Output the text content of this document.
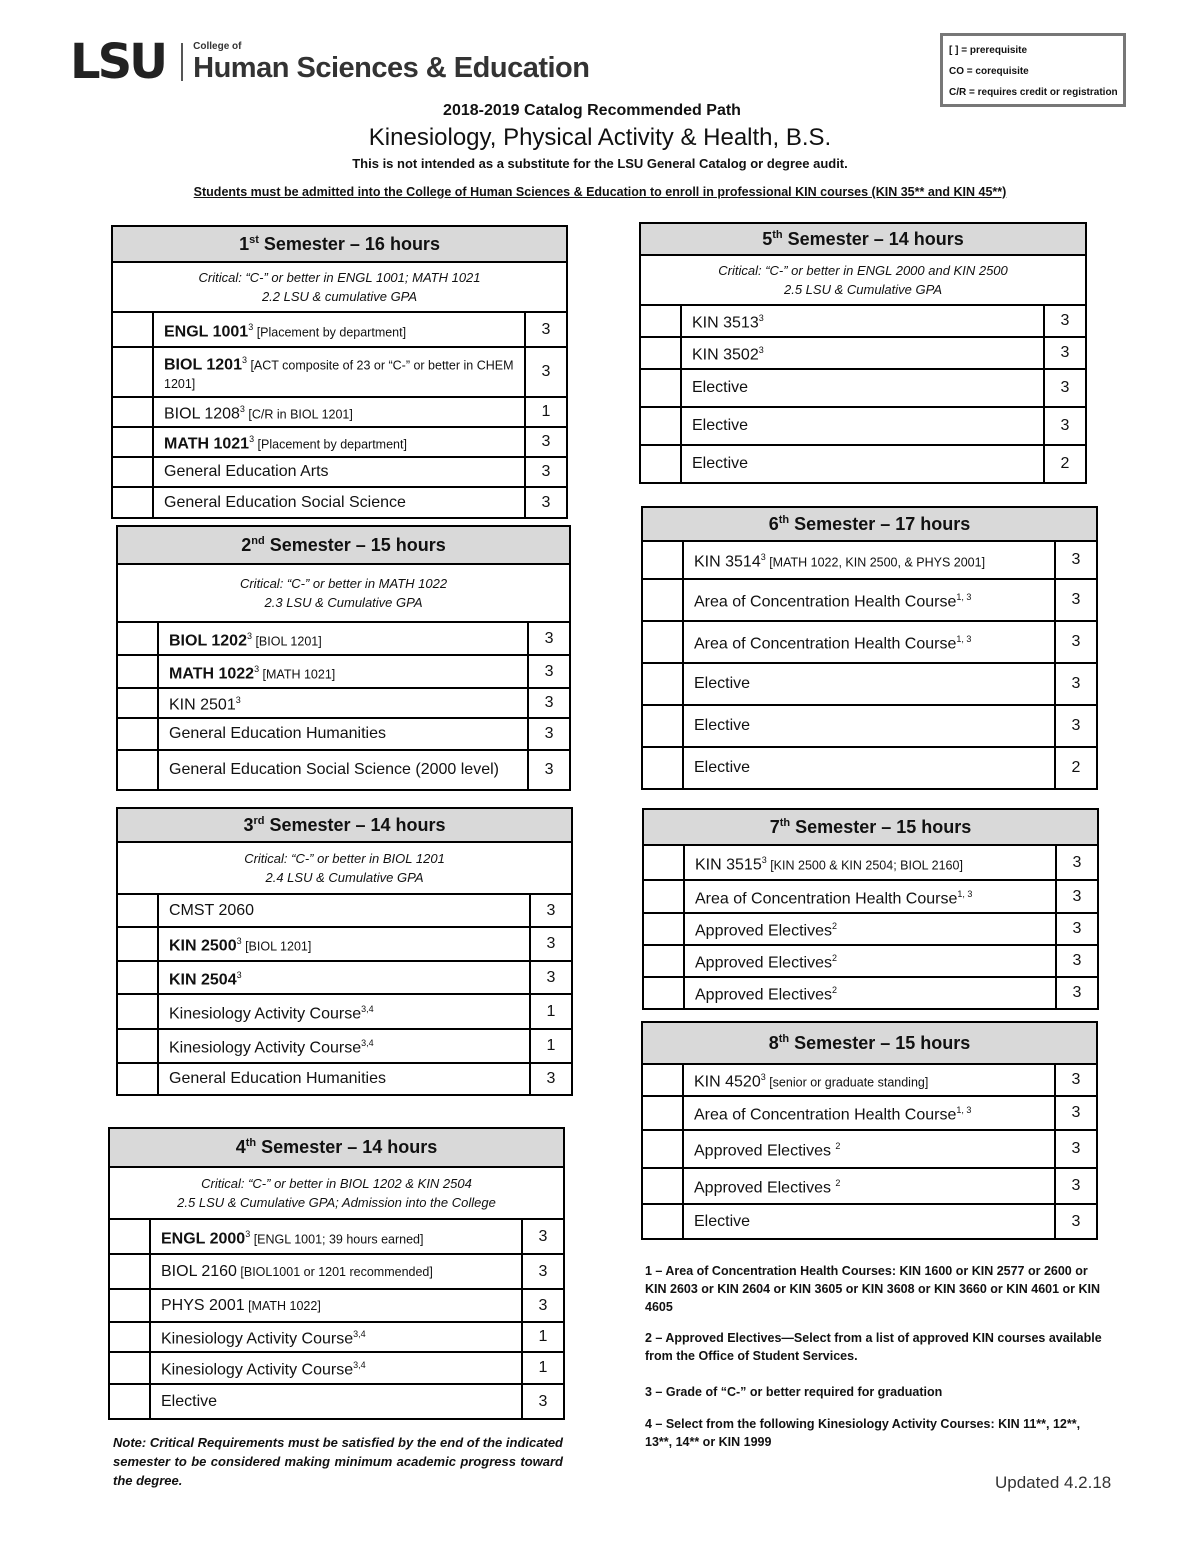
LSU	College of
Human Sciences & Education
[ ] = prerequisite
CO = corequisite
C/R = requires credit or registration
2018-2019 Catalog Recommended Path
Kinesiology, Physical Activity & Health, B.S.
This is not intended as a substitute for the LSU General Catalog or degree audit.
Students must be admitted into the College of Human Sciences & Education to enroll in professional KIN courses (KIN 35** and KIN 45**)
1st Semester – 16 hours		

Critical: “C-” or better in ENGL 1001; MATH 1021
2.2 LSU & cumulative GPA		

	ENGL 1001$^3$ [Placement by department]	3
	BIOL 1201$^3$ [ACT composite of 23 or “C-” or better in CHEM 1201]	3
	BIOL 1208$^3$ [C/R in BIOL 1201]	1
	MATH 1021$^3$ [Placement by department]	3
	General Education Arts	3
	General Education Social Science	3
2nd Semester – 15 hours		

Critical: “C-” or better in MATH 1022
2.3 LSU & Cumulative GPA		

	BIOL 1202$^3$ [BIOL 1201]	3
	MATH 1022$^3$ [MATH 1021]	3
	KIN 2501$^3$	3
	General Education Humanities	3
	General Education Social Science (2000 level)	3
3rd Semester – 14 hours		

Critical: “C-” or better in BIOL 1201
2.4 LSU & Cumulative GPA		

	CMST 2060	3
	KIN 2500$^3$ [BIOL 1201]	3
	KIN 2504$^3$	3
	Kinesiology Activity Course$^{3,4}$	1
	Kinesiology Activity Course$^{3,4}$	1
	General Education Humanities	3
4th Semester – 14 hours		

Critical: “C-” or better in BIOL 1202 & KIN 2504
2.5 LSU & Cumulative GPA; Admission into the College		

	ENGL 2000$^3$ [ENGL 1001; 39 hours earned]	3
	BIOL 2160 [BIOL1001 or 1201 recommended]	3
	PHYS 2001 [MATH 1022]	3
	Kinesiology Activity Course$^{3,4}$	1
	Kinesiology Activity Course$^{3,4}$	1
	Elective	3
5th Semester – 14 hours		

Critical: “C-” or better in ENGL 2000 and KIN 2500
2.5 LSU & Cumulative GPA		

	KIN 3513$^3$	3
	KIN 3502$^3$	3
	Elective	3
	Elective	3
	Elective	2
6th Semester – 17 hours		
	KIN 3514$^3$ [MATH 1022, KIN 2500, & PHYS 2001]	3
	Area of Concentration Health Course$^{1, 3}$	3
	Area of Concentration Health Course$^{1, 3}$	3
	Elective	3
	Elective	3
	Elective	2
7th Semester – 15 hours		
	KIN 3515$^3$ [KIN 2500 & KIN 2504; BIOL 2160]	3
	Area of Concentration Health Course$^{1, 3}$	3
	Approved Electives$^2$	3
	Approved Electives$^2$	3
	Approved Electives$^2$	3
8th Semester – 15 hours		
	KIN 4520$^3$ [senior or graduate standing]	3
	Area of Concentration Health Course$^{1, 3}$	3
	Approved Electives $^2$	3
	Approved Electives $^2$	3
	Elective	3
1 – Area of Concentration Health Courses: KIN 1600 or KIN 2577 or 2600 or KIN 2603 or KIN 2604 or KIN 3605 or KIN 3608 or KIN 3660 or KIN 4601 or KIN 4605
2 – Approved Electives—Select from a list of approved KIN courses available from the Office of Student Services.
3 – Grade of “C-” or better required for graduation
4 – Select from the following Kinesiology Activity Courses: KIN 11**, 12**, 13**, 14** or KIN 1999
Note: Critical Requirements must be satisfied by the end of the indicated semester to be considered making minimum academic progress toward the degree.	Updated 4.2.18
